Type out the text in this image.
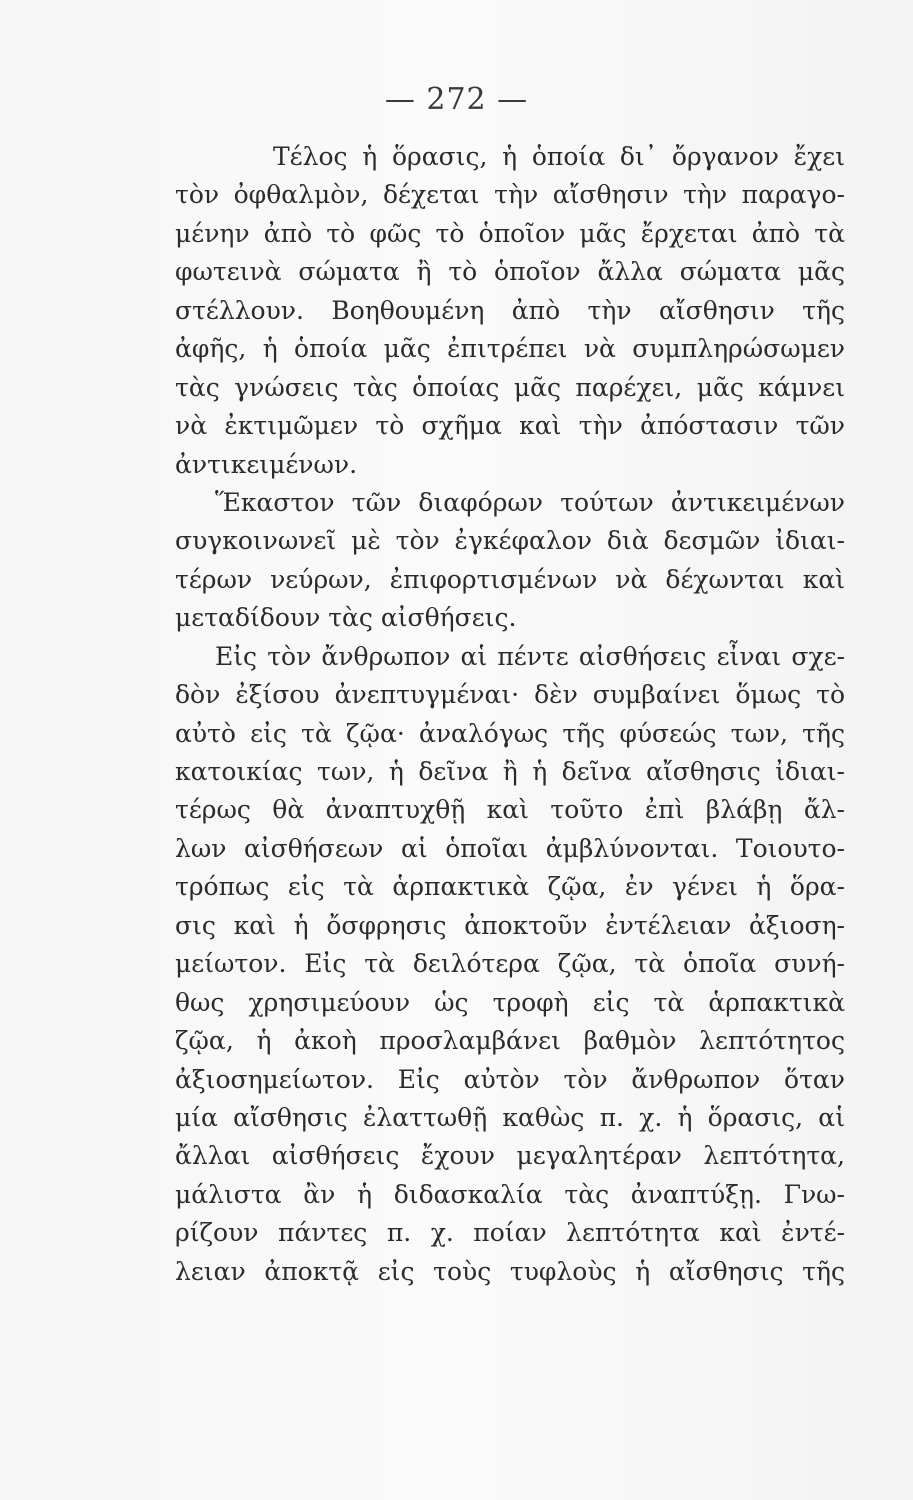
— 272 —
Τέλος ἡ ὅρασις, ἡ ὁποία δι᾽ ὄργανον ἔχει
τὸν ὀφθαλμὸν, δέχεται τὴν αἴσθησιν τὴν παραγο-
μένην ἀπὸ τὸ φῶς τὸ ὁποῖον μᾶς ἔρχεται ἀπὸ τὰ
φωτεινὰ σώματα ἢ τὸ ὁποῖον ἄλλα σώματα μᾶς
στέλλουν. Βοηθουμένη ἀπὸ τὴν αἴσθησιν τῆς
ἀφῆς, ἡ ὁποία μᾶς ἐπιτρέπει νὰ συμπληρώσωμεν
τὰς γνώσεις τὰς ὁποίας μᾶς παρέχει, μᾶς κάμνει
νὰ ἐκτιμῶμεν τὸ σχῆμα καὶ τὴν ἀπόστασιν τῶν
ἀντικειμένων.
Ἕκαστον τῶν διαφόρων τούτων ἀντικειμένων
συγκοινωνεῖ μὲ τὸν ἐγκέφαλον διὰ δεσμῶν ἰδιαι-
τέρων νεύρων, ἐπιφορτισμένων νὰ δέχωνται καὶ
μεταδίδουν τὰς αἰσθήσεις.
Εἰς τὸν ἄνθρωπον αἱ πέντε αἰσθήσεις εἶναι σχε-
δὸν ἐξίσου ἀνεπτυγμέναι· δὲν συμβαίνει ὅμως τὸ
αὐτὸ εἰς τὰ ζῷα· ἀναλόγως τῆς φύσεώς των, τῆς
κατοικίας των, ἡ δεῖνα ἢ ἡ δεῖνα αἴσθησις ἰδιαι-
τέρως θὰ ἀναπτυχθῇ καὶ τοῦτο ἐπὶ βλάβῃ ἄλ-
λων αἰσθήσεων αἱ ὁποῖαι ἀμβλύνονται. Τοιουτο-
τρόπως εἰς τὰ ἁρπακτικὰ ζῷα, ἐν γένει ἡ ὅρα-
σις καὶ ἡ ὄσφρησις ἀποκτοῦν ἐντέλειαν ἀξιοση-
μείωτον. Εἰς τὰ δειλότερα ζῷα, τὰ ὁποῖα συνή-
θως χρησιμεύουν ὡς τροφὴ εἰς τὰ ἁρπακτικὰ
ζῷα, ἡ ἀκοὴ προσλαμβάνει βαθμὸν λεπτότητος
ἀξιοσημείωτον. Εἰς αὐτὸν τὸν ἄνθρωπον ὅταν
μία αἴσθησις ἐλαττωθῇ καθὼς π. χ. ἡ ὅρασις, αἱ
ἄλλαι αἰσθήσεις ἔχουν μεγαλητέραν λεπτότητα,
μάλιστα ἂν ἡ διδασκαλία τὰς ἀναπτύξῃ. Γνω-
ρίζουν πάντες π. χ. ποίαν λεπτότητα καὶ ἐντέ-
λειαν ἀποκτᾷ εἰς τοὺς τυφλοὺς ἡ αἴσθησις τῆς
